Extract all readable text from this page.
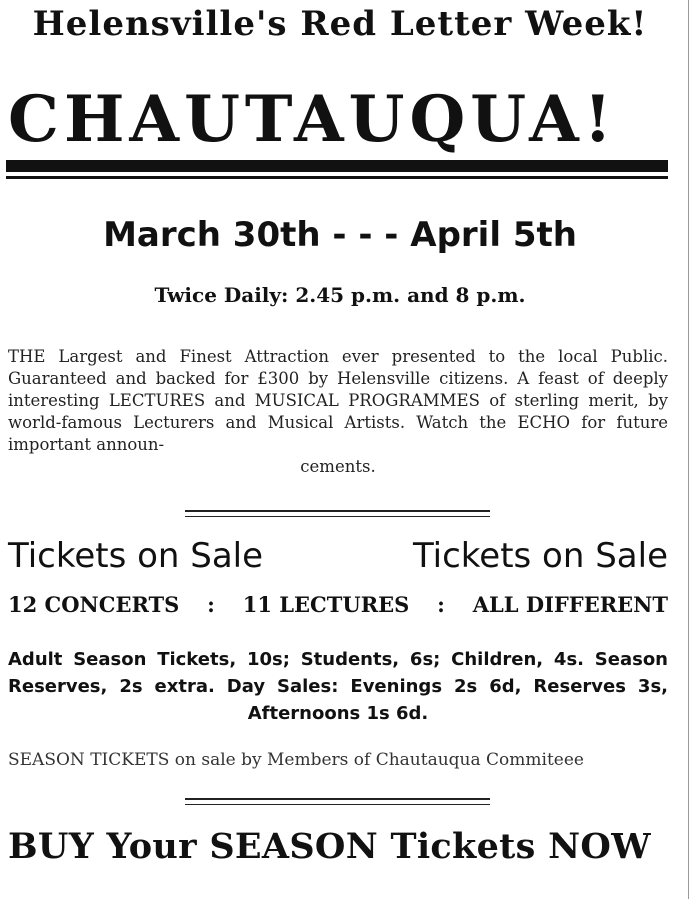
Helensville's Red Letter Week!
CHAUTAUQUA!
March 30th - - - April 5th
Twice Daily: 2.45 p.m. and 8 p.m.
THE Largest and Finest Attraction ever presented to the local Public. Guaranteed and backed for £300 by Helensville citizens. A feast of deeply interesting LECTURES and MUSICAL PROGRAMMES of sterling merit, by world-famous Lecturers and Musical Artists. Watch the ECHO for future important announ-
cements.
Tickets on Sale	Tickets on Sale
12 CONCERTS : 11 LECTURES : ALL DIFFERENT
Adult Season Tickets, 10s; Students, 6s; Children, 4s. Season Reserves, 2s extra. Day Sales: Evenings 2s 6d, Reserves 3s, Afternoons 1s 6d.
SEASON TICKETS on sale by Members of Chautauqua Commiteee
BUY Your SEASON Tickets NOW
